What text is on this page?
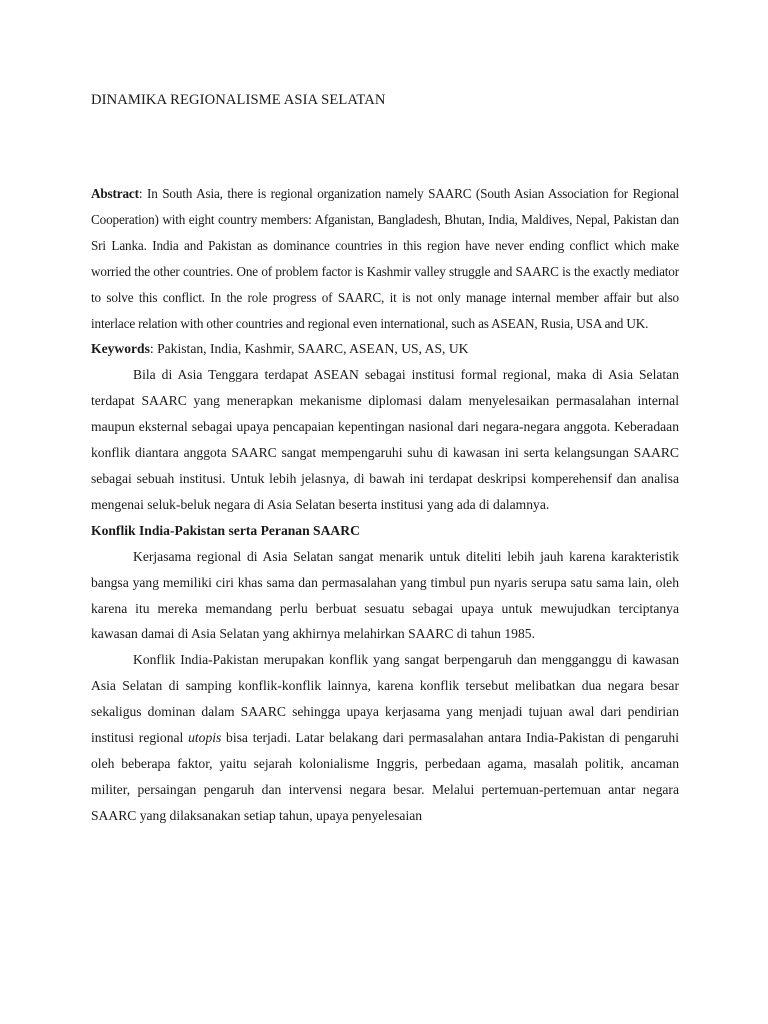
DINAMIKA REGIONALISME ASIA SELATAN

Abstract: In South Asia, there is regional organization namely SAARC (South Asian Association for Regional Cooperation) with eight country members: Afganistan, Bangladesh, Bhutan, India, Maldives, Nepal, Pakistan dan Sri Lanka. India and Pakistan as dominance countries in this region have never ending conflict which make worried the other countries. One of problem factor is Kashmir valley struggle and SAARC is the exactly mediator to solve this conflict. In the role progress of SAARC, it is not only manage internal member affair but also interlace relation with other countries and regional even international, such as ASEAN, Rusia, USA and UK.

Keywords: Pakistan, India, Kashmir, SAARC, ASEAN, US, AS, UK

Bila di Asia Tenggara terdapat ASEAN sebagai institusi formal regional, maka di Asia Selatan terdapat SAARC yang menerapkan mekanisme diplomasi dalam menyelesaikan permasalahan internal maupun eksternal sebagai upaya pencapaian kepentingan nasional dari negara-negara anggota. Keberadaan konflik diantara anggota SAARC sangat mempengaruhi suhu di kawasan ini serta kelangsungan SAARC sebagai sebuah institusi. Untuk lebih jelasnya, di bawah ini terdapat deskripsi komperehensif dan analisa mengenai seluk-beluk negara di Asia Selatan beserta institusi yang ada di dalamnya.

Konflik India-Pakistan serta Peranan SAARC

Kerjasama regional di Asia Selatan sangat menarik untuk diteliti lebih jauh karena karakteristik bangsa yang memiliki ciri khas sama dan permasalahan yang timbul pun nyaris serupa satu sama lain, oleh karena itu mereka memandang perlu berbuat sesuatu sebagai upaya untuk mewujudkan terciptanya kawasan damai di Asia Selatan yang akhirnya melahirkan SAARC di tahun 1985.

Konflik India-Pakistan merupakan konflik yang sangat berpengaruh dan mengganggu di kawasan Asia Selatan di samping konflik-konflik lainnya, karena konflik tersebut melibatkan dua negara besar sekaligus dominan dalam SAARC sehingga upaya kerjasama yang menjadi tujuan awal dari pendirian institusi regional utopis bisa terjadi. Latar belakang dari permasalahan antara India-Pakistan di pengaruhi oleh beberapa faktor, yaitu sejarah kolonialisme Inggris, perbedaan agama, masalah politik, ancaman militer, persaingan pengaruh dan intervensi negara besar. Melalui pertemuan-pertemuan antar negara SAARC yang dilaksanakan setiap tahun, upaya penyelesaian
